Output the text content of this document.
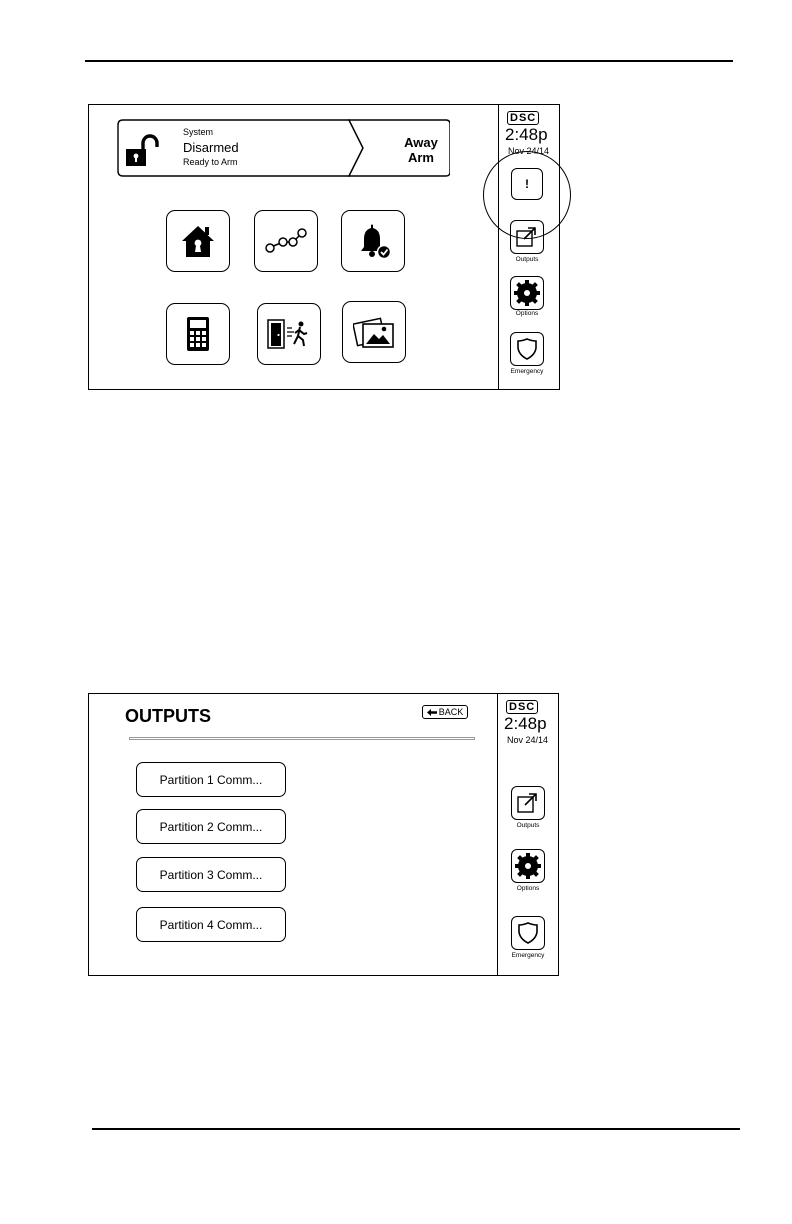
System
Disarmed
Ready to Arm
Away
Arm
DSC
2:48p
Nov 24/14
!
Outputs
Options
Emergency
OUTPUTS	BACK
Partition 1 Comm...
Partition 2 Comm...
Partition 3 Comm...
Partition 4 Comm...
DSC
2:48p
Nov 24/14
Outputs
Options
Emergency
